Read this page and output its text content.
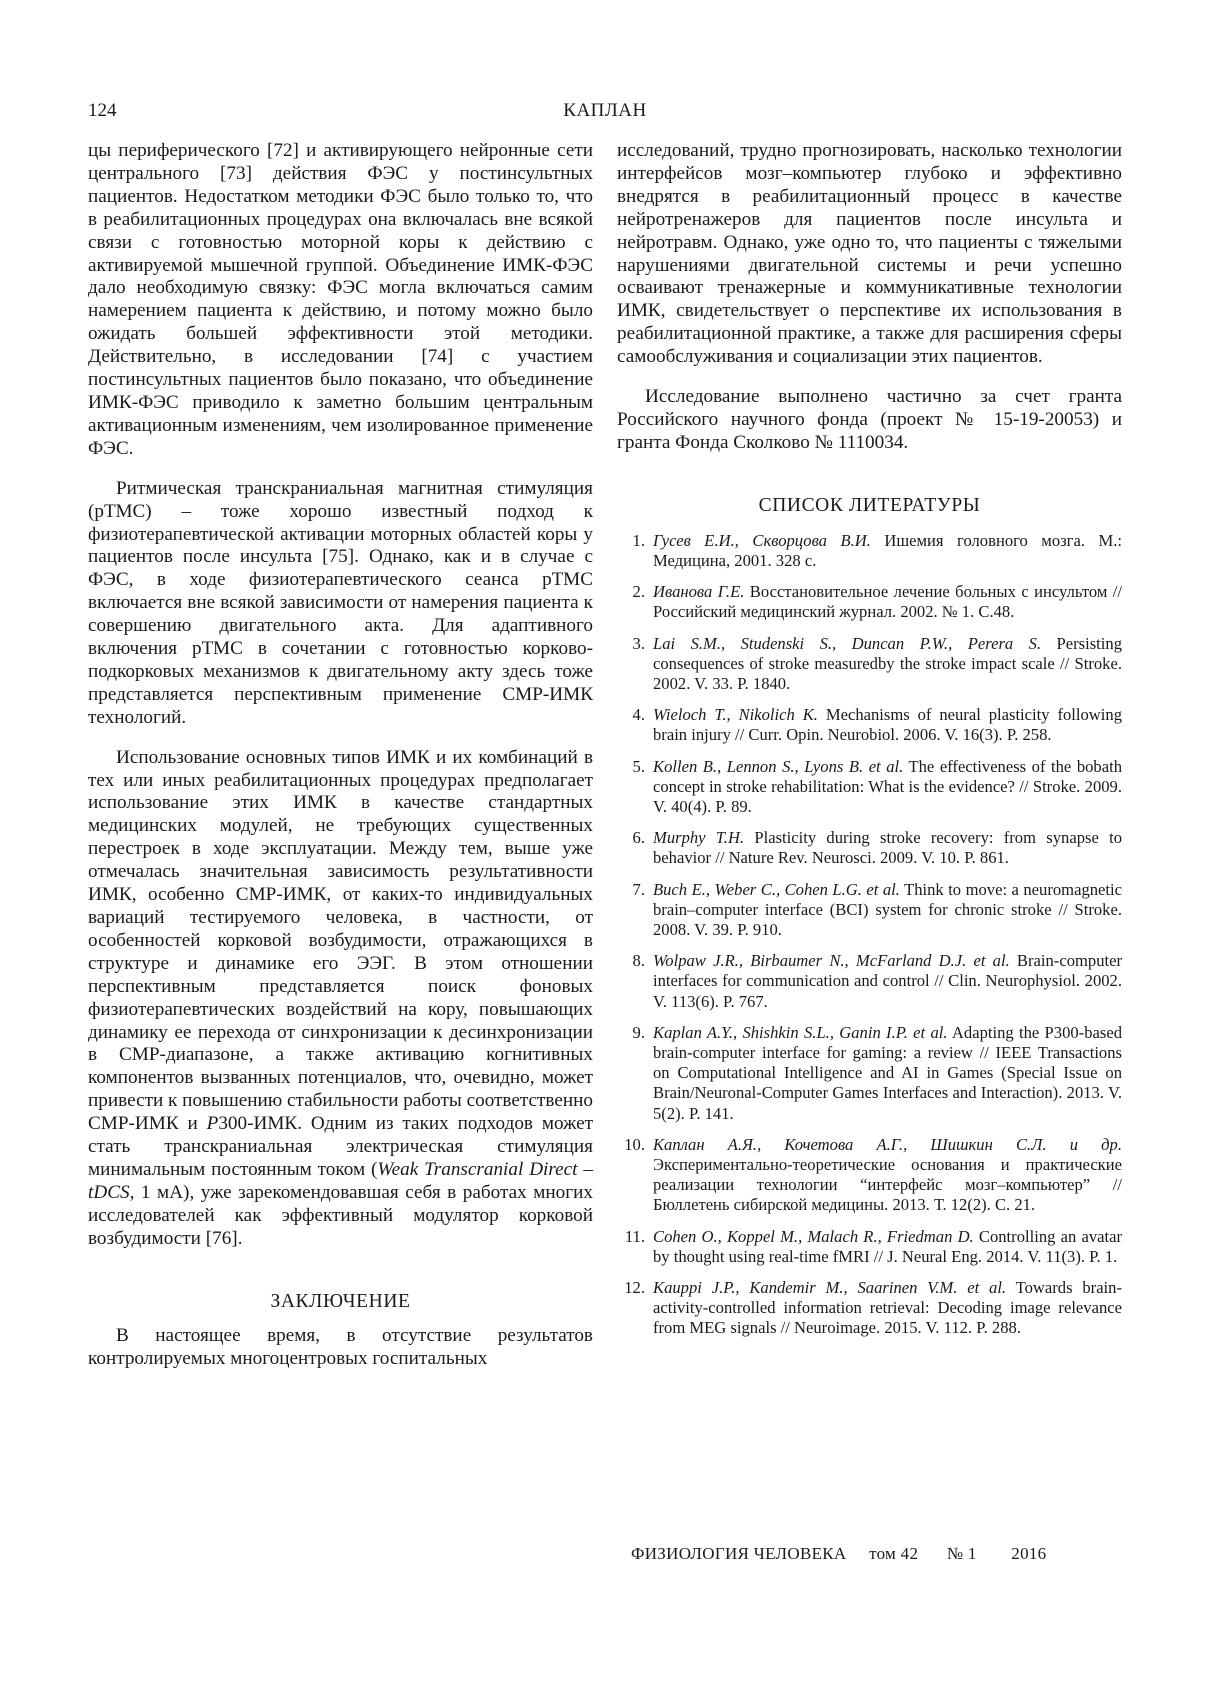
124	КАПЛАН

цы периферического [72] и активирующего нейронные сети центрального [73] действия ФЭС у постинсультных пациентов. Недостатком методики ФЭС было только то, что в реабилитационных процедурах она включалась вне всякой связи с готовностью моторной коры к действию с активируемой мышечной группой. Объединение ИМК-ФЭС дало необходимую связку: ФЭС могла включаться самим намерением пациента к действию, и потому можно было ожидать большей эффективности этой методики. Действительно, в исследовании [74] с участием постинсультных пациентов было показано, что объединение ИМК-ФЭС приводило к заметно большим центральным активационным изменениям, чем изолированное применение ФЭС.

Ритмическая транскраниальная магнитная стимуляция (рТМС) – тоже хорошо известный подход к физиотерапевтической активации моторных областей коры у пациентов после инсульта [75]. Однако, как и в случае с ФЭС, в ходе физиотерапевтического сеанса рТМС включается вне всякой зависимости от намерения пациента к совершению двигательного акта. Для адаптивного включения рТМС в сочетании с готовностью корково-подкорковых механизмов к двигательному акту здесь тоже представляется перспективным применение СМР-ИМК технологий.

Использование основных типов ИМК и их комбинаций в тех или иных реабилитационных процедурах предполагает использование этих ИМК в качестве стандартных медицинских модулей, не требующих существенных перестроек в ходе эксплуатации. Между тем, выше уже отмечалась значительная зависимость результативности ИМК, особенно СМР-ИМК, от каких-то индивидуальных вариаций тестируемого человека, в частности, от особенностей корковой возбудимости, отражающихся в структуре и динамике его ЭЭГ. В этом отношении перспективным представляется поиск фоновых физиотерапевтических воздействий на кору, повышающих динамику ее перехода от синхронизации к десинхронизации в СМР-диапазоне, а также активацию когнитивных компонентов вызванных потенциалов, что, очевидно, может привести к повышению стабильности работы соответственно СМР-ИМК и Р300-ИМК. Одним из таких подходов может стать транскраниальная электрическая стимуляция минимальным постоянным током (Weak Transcranial Direct – tDCS, 1 мА), уже зарекомендовавшая себя в работах многих исследователей как эффективный модулятор корковой возбудимости [76].

ЗАКЛЮЧЕНИЕ

В настоящее время, в отсутствие результатов контролируемых многоцентровых госпитальных

исследований, трудно прогнозировать, насколько технологии интерфейсов мозг–компьютер глубоко и эффективно внедрятся в реабилитационный процесс в качестве нейротренажеров для пациентов после инсульта и нейротравм. Однако, уже одно то, что пациенты с тяжелыми нарушениями двигательной системы и речи успешно осваивают тренажерные и коммуникативные технологии ИМК, свидетельствует о перспективе их использования в реабилитационной практике, а также для расширения сферы самообслуживания и социализации этих пациентов.

Исследование выполнено частично за счет гранта Российского научного фонда (проект № 15-19-20053) и гранта Фонда Сколково № 1110034.

СПИСОК ЛИТЕРАТУРЫ
1. Гусев Е.И., Скворцова В.И. Ишемия головного мозга. М.: Медицина, 2001. 328 с.
2. Иванова Г.Е. Восстановительное лечение больных с инсультом // Российский медицинский журнал. 2002. № 1. С.48.
3. Lai S.M., Studenski S., Duncan P.W., Perera S. Persisting consequences of stroke measuredby the stroke impact scale // Stroke. 2002. V. 33. P. 1840.
4. Wieloch T., Nikolich K. Mechanisms of neural plasticity following brain injury // Curr. Opin. Neurobiol. 2006. V. 16(3). P. 258.
5. Kollen B., Lennon S., Lyons B. et al. The effectiveness of the bobath concept in stroke rehabilitation: What is the evidence? // Stroke. 2009. V. 40(4). P. 89.
6. Murphy T.H. Plasticity during stroke recovery: from synapse to behavior // Nature Rev. Neurosci. 2009. V. 10. P. 861.
7. Buch E., Weber C., Cohen L.G. et al. Think to move: a neuromagnetic brain–computer interface (BCI) system for chronic stroke // Stroke. 2008. V. 39. P. 910.
8. Wolpaw J.R., Birbaumer N., McFarland D.J. et al. Brain-computer interfaces for communication and control // Clin. Neurophysiol. 2002. V. 113(6). P. 767.
9. Kaplan A.Y., Shishkin S.L., Ganin I.P. et al. Adapting the P300-based brain-computer interface for gaming: a review // IEEE Transactions on Computational Intelligence and AI in Games (Special Issue on Brain/Neuronal-Computer Games Interfaces and Interaction). 2013. V. 5(2). P. 141.
10. Каплан А.Я., Кочетова А.Г., Шишкин С.Л. и др. Экспериментально-теоретические основания и практические реализации технологии “интерфейс мозг–компьютер” // Бюллетень сибирской медицины. 2013. Т. 12(2). С. 21.
11. Cohen O., Koppel M., Malach R., Friedman D. Controlling an avatar by thought using real-time fMRI // J. Neural Eng. 2014. V. 11(3). P. 1.
12. Kauppi J.P., Kandemir M., Saarinen V.M. et al. Towards brain-activity-controlled information retrieval: Decoding image relevance from MEG signals // Neuroimage. 2015. V. 112. P. 288.
ФИЗИОЛОГИЯ ЧЕЛОВЕКА том 42 № 1 2016
